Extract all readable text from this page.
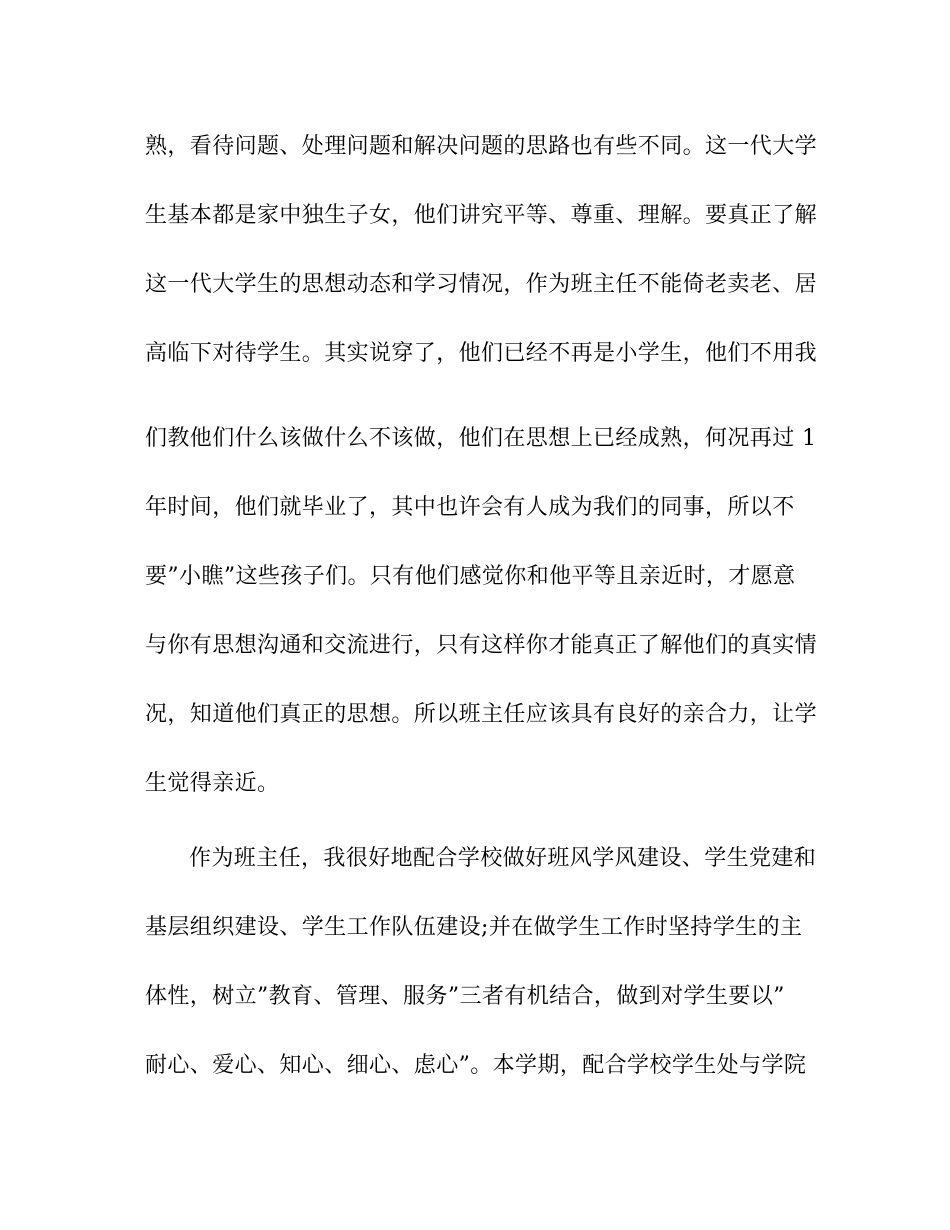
熟，看待问题、处理问题和解决问题的思路也有些不同。这一代大学
生基本都是家中独生子女，他们讲究平等、尊重、理解。要真正了解
这一代大学生的思想动态和学习情况，作为班主任不能倚老卖老、居
高临下对待学生。其实说穿了，他们已经不再是小学生，他们不用我
们教他们什么该做什么不该做，他们在思想上已经成熟，何况再过 1
年时间，他们就毕业了，其中也许会有人成为我们的同事，所以不
要”小瞧”这些孩子们。只有他们感觉你和他平等且亲近时，才愿意
与你有思想沟通和交流进行，只有这样你才能真正了解他们的真实情
况，知道他们真正的思想。所以班主任应该具有良好的亲合力，让学
生觉得亲近。
作为班主任，我很好地配合学校做好班风学风建设、学生党建和
基层组织建设、学生工作队伍建设;并在做学生工作时坚持学生的主
体性，树立”教育、管理、服务”三者有机结合，做到对学生要以”
耐心、爱心、知心、细心、虑心”。本学期，配合学校学生处与学院
